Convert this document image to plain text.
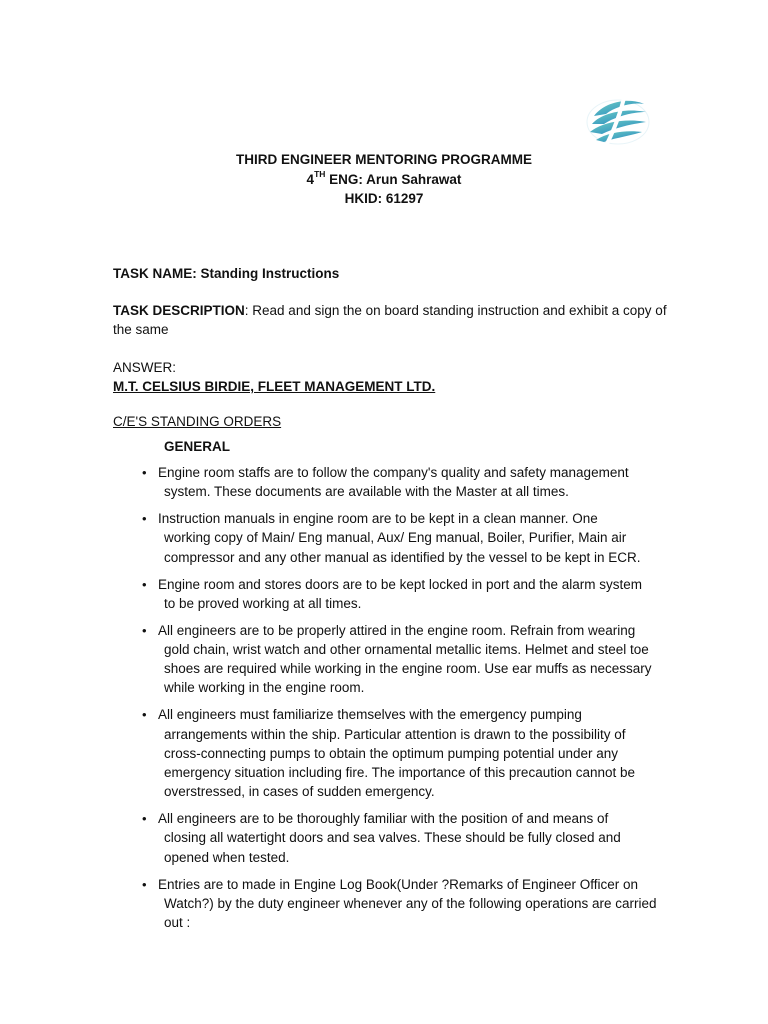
THIRD ENGINEER MENTORING PROGRAMME
4TH ENG: Arun Sahrawat
HKID: 61297
TASK NAME: Standing Instructions
TASK DESCRIPTION: Read and sign the on board standing instruction and exhibit a copy of the same
ANSWER:
M.T. CELSIUS BIRDIE, FLEET MANAGEMENT LTD.
C/E'S STANDING ORDERS
GENERAL
• Engine room staffs are to follow the company's quality and safety management
system. These documents are available with the Master at all times.
• Instruction manuals in engine room are to be kept in a clean manner. One
working copy of Main/ Eng manual, Aux/ Eng manual, Boiler, Purifier, Main air compressor and any other manual as identified by the vessel to be kept in ECR.
• Engine room and stores doors are to be kept locked in port and the alarm system
to be proved working at all times.
• All engineers are to be properly attired in the engine room. Refrain from wearing
gold chain, wrist watch and other ornamental metallic items. Helmet and steel toe shoes are required while working in the engine room. Use ear muffs as necessary while working in the engine room.
• All engineers must familiarize themselves with the emergency pumping
arrangements within the ship. Particular attention is drawn to the possibility of cross-connecting pumps to obtain the optimum pumping potential under any emergency situation including fire. The importance of this precaution cannot be overstressed, in cases of sudden emergency.
• All engineers are to be thoroughly familiar with the position of and means of
closing all watertight doors and sea valves. These should be fully closed and opened when tested.
• Entries are to made in Engine Log Book(Under ?Remarks of Engineer Officer on
Watch?) by the duty engineer whenever any of the following operations are carried out :
